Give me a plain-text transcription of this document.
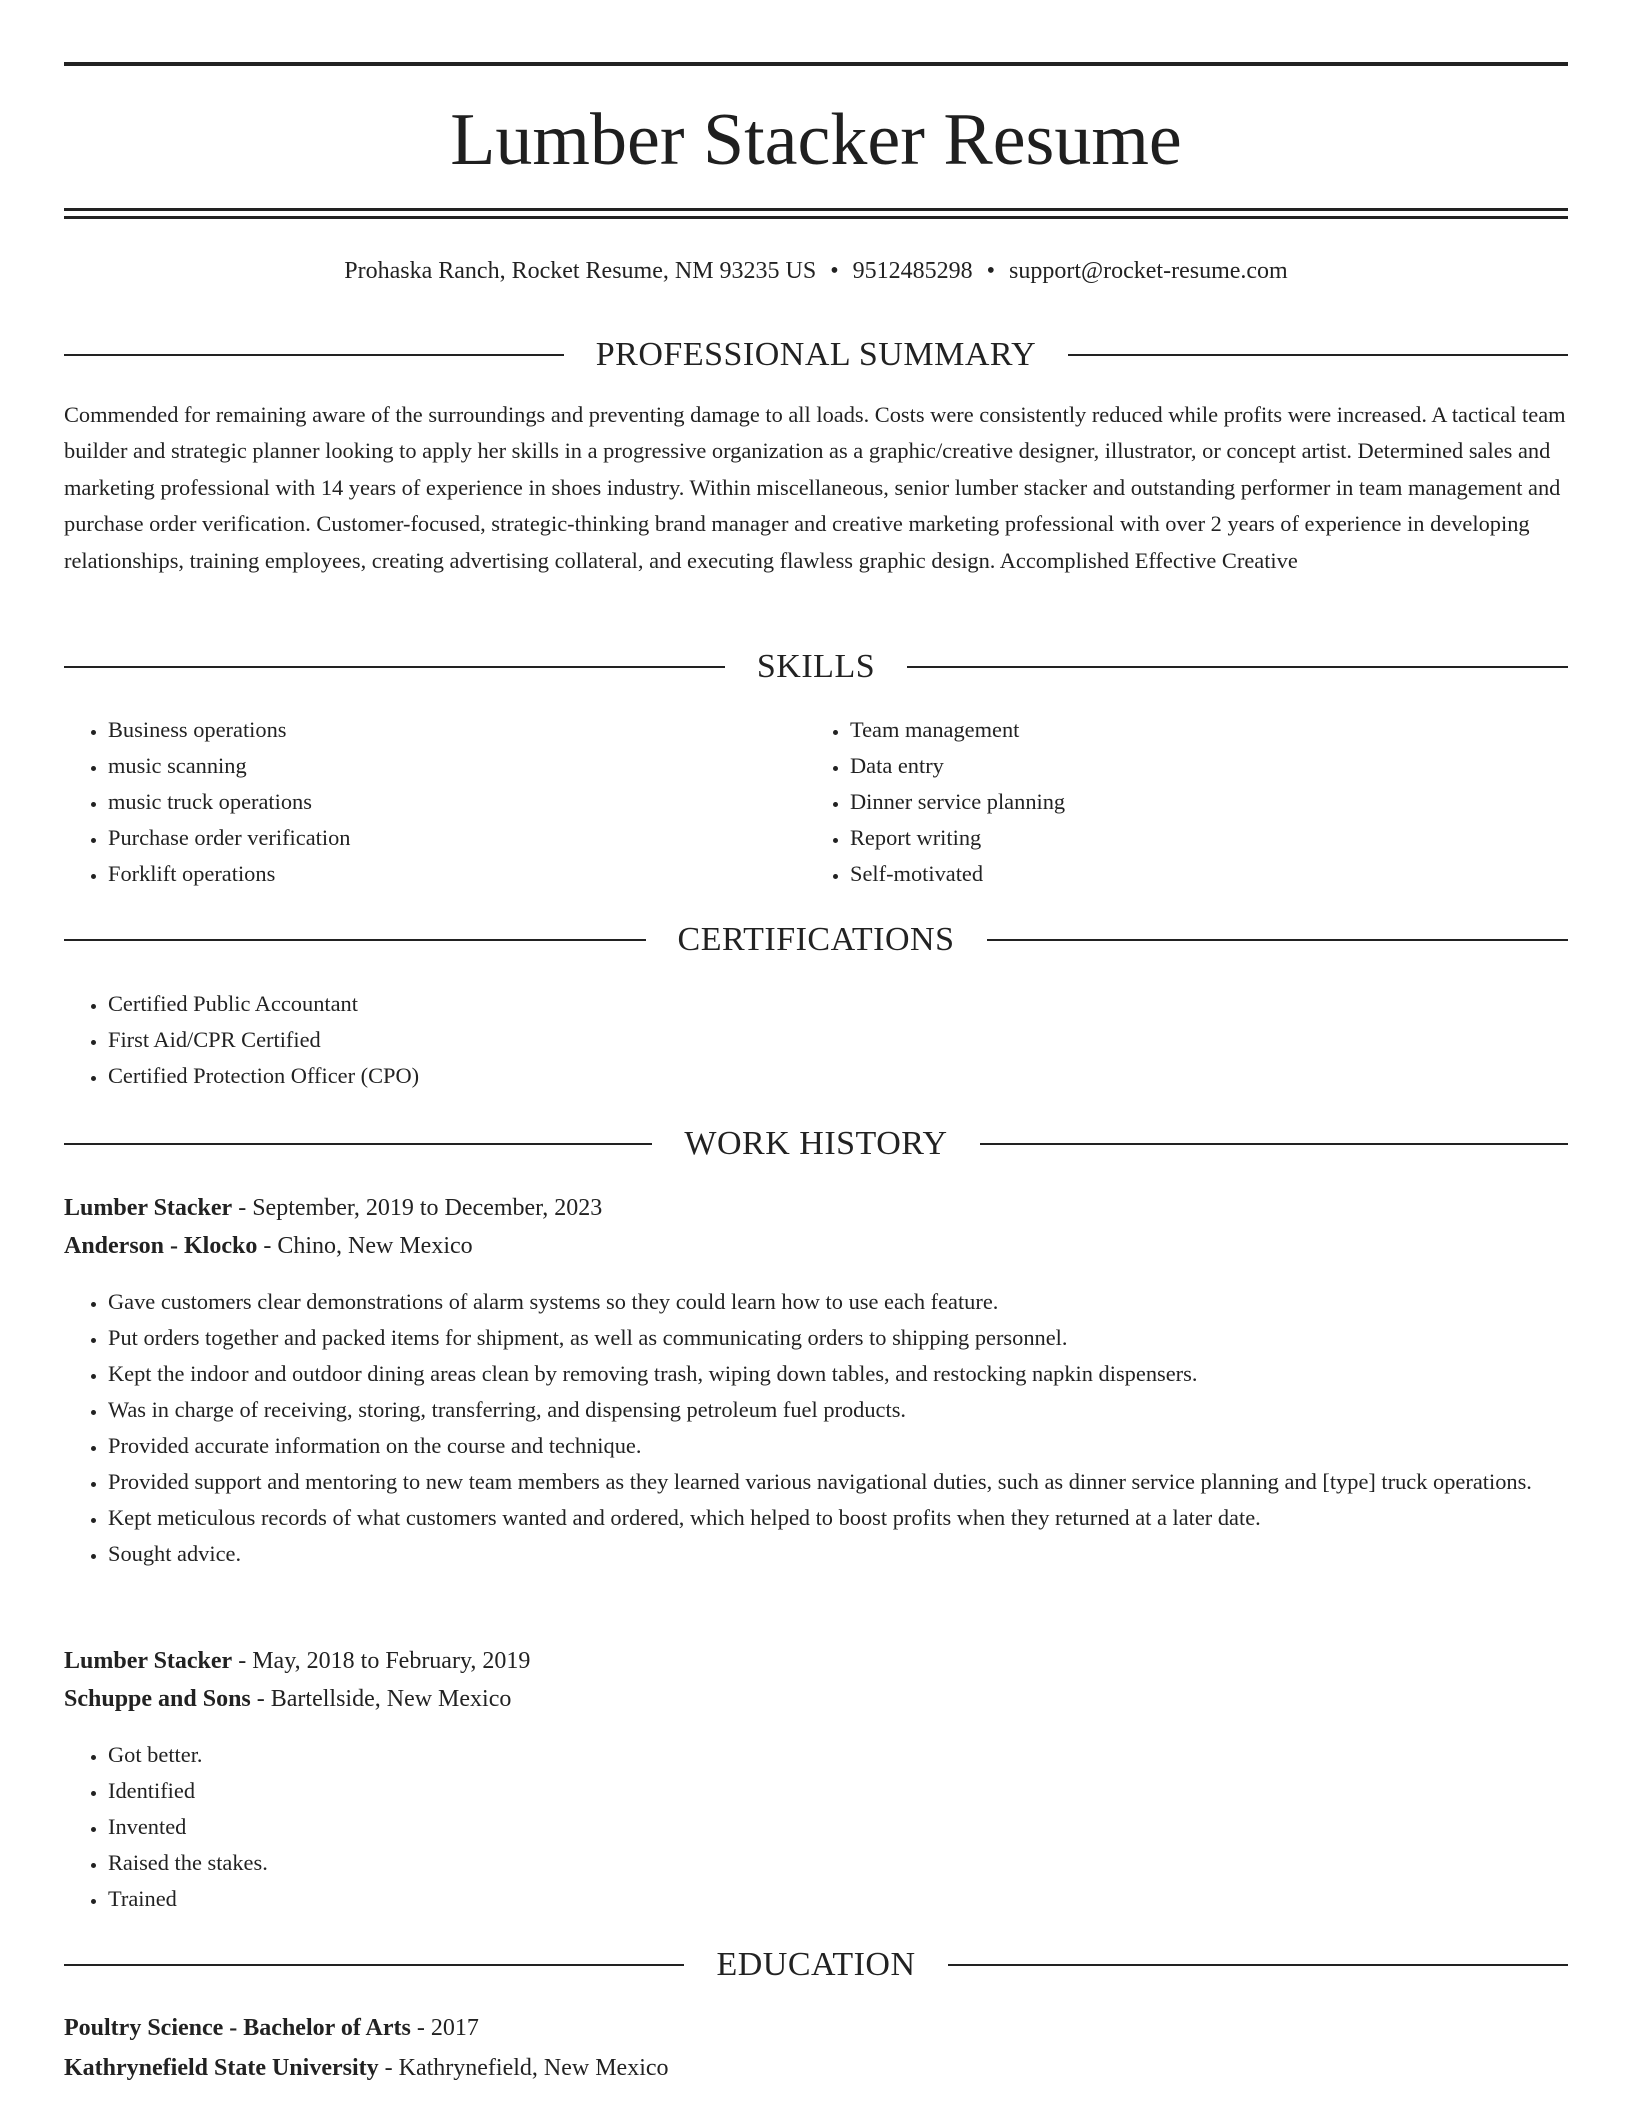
Lumber Stacker Resume
Prohaska Ranch, Rocket Resume, NM 93235 US • 9512485298 • support@rocket-resume.com
PROFESSIONAL SUMMARY
Commended for remaining aware of the surroundings and preventing damage to all loads. Costs were consistently reduced while profits were increased. A tactical team builder and strategic planner looking to apply her skills in a progressive organization as a graphic/creative designer, illustrator, or concept artist. Determined sales and marketing professional with 14 years of experience in shoes industry. Within miscellaneous, senior lumber stacker and outstanding performer in team management and purchase order verification. Customer-focused, strategic-thinking brand manager and creative marketing professional with over 2 years of experience in developing relationships, training employees, creating advertising collateral, and executing flawless graphic design. Accomplished Effective Creative
SKILLS
• Business operations
• music scanning
• music truck operations
• Purchase order verification
• Forklift operations
• Team management
• Data entry
• Dinner service planning
• Report writing
• Self-motivated
CERTIFICATIONS
• Certified Public Accountant
• First Aid/CPR Certified
• Certified Protection Officer (CPO)
WORK HISTORY
Lumber Stacker - September, 2019 to December, 2023
Anderson - Klocko - Chino, New Mexico
• Gave customers clear demonstrations of alarm systems so they could learn how to use each feature.
• Put orders together and packed items for shipment, as well as communicating orders to shipping personnel.
• Kept the indoor and outdoor dining areas clean by removing trash, wiping down tables, and restocking napkin dispensers.
• Was in charge of receiving, storing, transferring, and dispensing petroleum fuel products.
• Provided accurate information on the course and technique.
• Provided support and mentoring to new team members as they learned various navigational duties, such as dinner service planning and [type] truck operations.
• Kept meticulous records of what customers wanted and ordered, which helped to boost profits when they returned at a later date.
• Sought advice.
Lumber Stacker - May, 2018 to February, 2019
Schuppe and Sons - Bartellside, New Mexico
• Got better.
• Identified
• Invented
• Raised the stakes.
• Trained
EDUCATION
Poultry Science - Bachelor of Arts - 2017
Kathrynefield State University - Kathrynefield, New Mexico
